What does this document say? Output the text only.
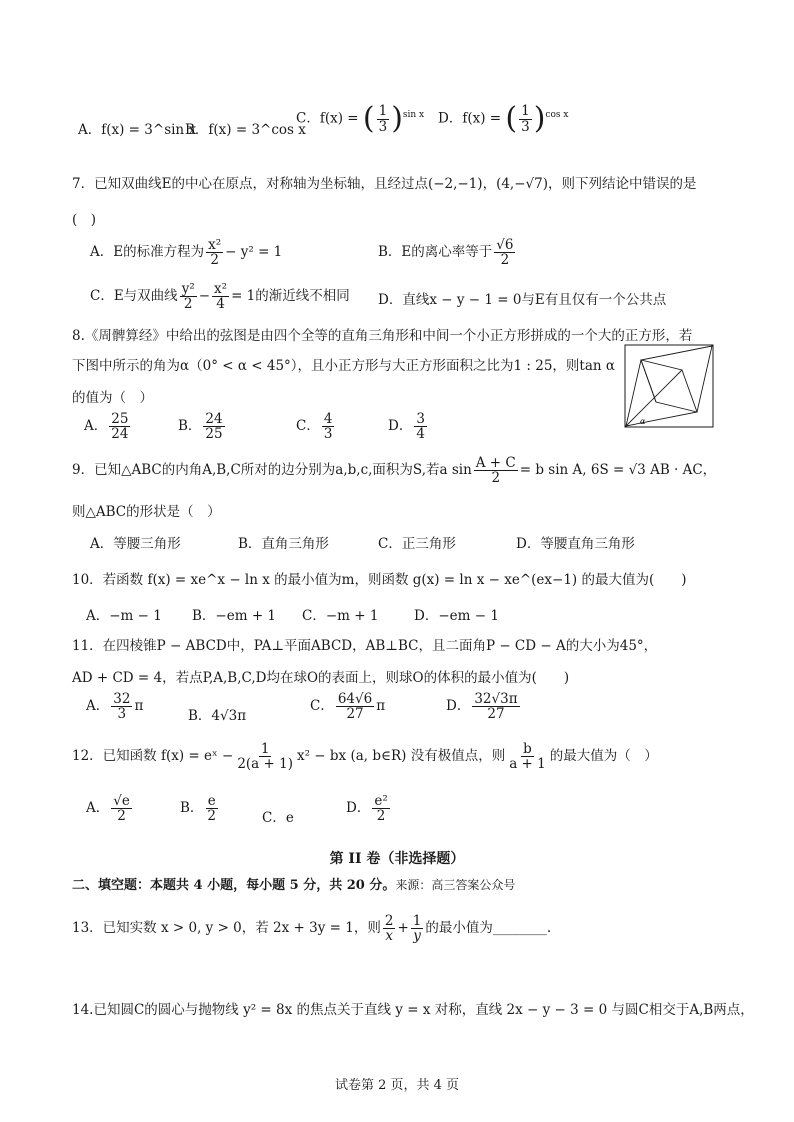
A．f(x) = 3^sin x
B．f(x) = 3^cos x
C．f(x) = ( $\frac{1}{3} )^{sin x}$ D．f(x) = ( $\frac{1}{3} )^{cos x}$
7．已知双曲线E的中心在原点，对称轴为坐标轴，且经过点(−2,−1)，(4,−√7)，则下列结论中错误的是
(　)
A．E的标准方程为 $\frac{\text{x²}}{2} - y^2 = 1$	B．E的离心率等于 $\frac{√6}{2}$
C．E与双曲线 $\frac{\text{y²}}{2} - \frac{\text{x²}}{4} = 1$的渐近线不相同 D．直线x − y − 1 = 0与E有且仅有一个公共点
8.《周髀算经》中给出的弦图是由四个全等的直角三角形和中间一个小正方形拼成的一个大的正方形，若
下图中所示的角为α（0° < α < 45°），且小正方形与大正方形面积之比为1 : 25，则tan α
的值为（　）
A． $\frac{25}{24}$	B． $\frac{24}{25}$	C． $\frac{4}{3}$	D． $\frac{3}{4}$	α
9．已知△ABC的内角A,B,C所对的边分别为a,b,c,面积为S,若a $\sin \frac{A + C}{2} = b$ sin A, 6S = √3 AB · AC，
则△ABC的形状是（　）
A．等腰三角形	B．直角三角形	C．正三角形	D．等腰直角三角形
10．若函数 f(x) = xe^x − ln x 的最小值为m，则函数 g(x) = ln x − xe^(ex−1) 的最大值为(　　)
A．−m − 1 B．−em + 1 C．−m + 1	D．−em − 1
11．在四棱锥P − ABCD中，PA⊥平面ABCD，AB⊥BC，且二面角P − CD − A的大小为45°，
AD + CD = 4，若点P,A,B,C,D均在球O的表面上，则球O的体积的最小值为(　　)
A． $\frac{32}{3}$ π
B．4√3π
C． $\frac{64√6}{27}$ π	D． $\frac{32√3\pi}{27}$
12．已知函数 f(x) = eˣ − $\frac{1}{2(a + 1)} x^2$ − bx (a, b∈R) 没有极值点，则 $\frac{b}{a + 1}$ 的最大值为（　）
A． $\frac{√e}{2}$	B． $\frac{e}{2}$	C．e
D． $\frac{\text{e²}}{2}$
第 II 卷（非选择题）
二、填空题：本题共 4 小题，每小题 5 分，共 20 分。来源：高三答案公众号
13．已知实数 x > 0, y > 0，若 2x + 3y = 1，则 $\frac{2}{x} + \frac{1}{y}$ 的最小值为________.
14.已知圆C的圆心与抛物线 y² = 8x 的焦点关于直线 y = x 对称，直线 2x − y − 3 = 0 与圆C相交于A,B两点，
试卷第 2 页，共 4 页
